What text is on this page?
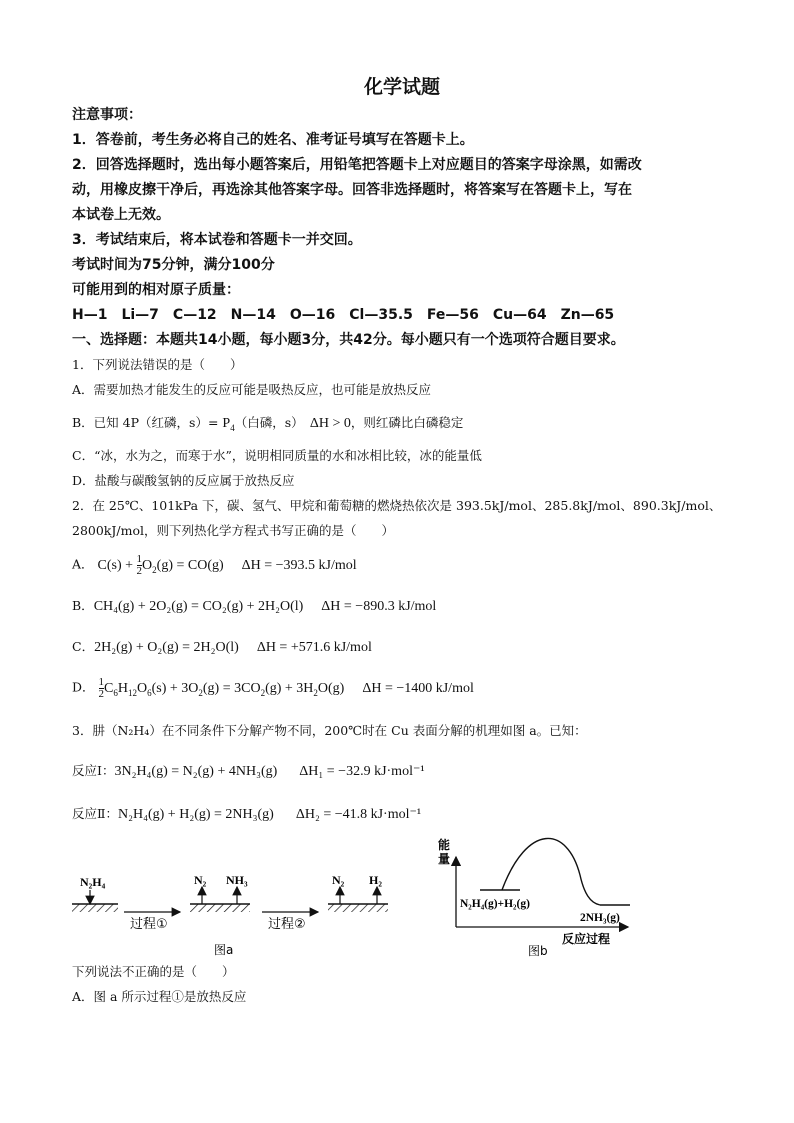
化学试题
注意事项：
1．答卷前，考生务必将自己的姓名、准考证号填写在答题卡上。
2．回答选择题时，选出每小题答案后，用铅笔把答题卡上对应题目的答案字母涂黑，如需改
动，用橡皮擦干净后，再选涂其他答案字母。回答非选择题时，将答案写在答题卡上，写在
本试卷上无效。
3．考试结束后，将本试卷和答题卡一并交回。
考试时间为75分钟，满分100分
可能用到的相对原子质量：
H—1　Li—7　C—12　N—14　O—16　Cl—35.5　Fe—56　Cu—64　Zn—65
一、选择题：本题共14小题，每小题3分，共42分。每小题只有一个选项符合题目要求。
1．下列说法错误的是（　　）
A．需要加热才能发生的反应可能是吸热反应，也可能是放热反应
B．已知 4P（红磷，$s)= P_4$（白磷，s）　ΔH > 0，则红磷比白磷稳定
C．“冰，水为之，而寒于水”，说明相同质量的水和冰相比较，冰的能量低
D．盐酸与碳酸氢钠的反应属于放热反应
2．在 25℃、101kPa 下，碳、氢气、甲烷和葡萄糖的燃烧热依次是 393.5kJ/mol、285.8kJ/mol、890.3kJ/mol、
2800kJ/mol，则下列热化学方程式书写正确的是（　　）
A． $C(s) + \frac{1}{2} O_2(g) = CO(g) \Delta H = -393.5$ kJ/mol
B．CH₄(g) + 2O₂(g) = CO₂(g) + 2H₂O(l) ΔH = −890.3 kJ/mol
C．2H₂(g) + O₂(g) = 2H₂O(l) ΔH = +571.6 kJ/mol
D． $\frac{1}{2} C_6H_{12}O_6(s) + 3O_2(g) = 3CO_2(g) + 3H_2O(g) \Delta H = -1400$ kJ/mol
3．肼（N₂H₄）在不同条件下分解产物不同，200℃时在 Cu 表面分解的机理如图 a。已知：
反应Ⅰ：3N₂H₄(g) = N₂(g) + 4NH₃(g) ΔH₁ = −32.9 kJ·mol⁻¹
反应Ⅱ：N₂H₄(g) + H₂(g) = 2NH₃(g) ΔH₂ = −41.8 kJ·mol⁻¹
N₂H₄	N₂ NH₃	N₂ H₂
过程①	过程②
图a
能
量
N₂H₄(g)+H₂(g)
2NH₃(g)
反应过程
图b
下列说法不正确的是（　　）
A．图 a 所示过程①是放热反应
